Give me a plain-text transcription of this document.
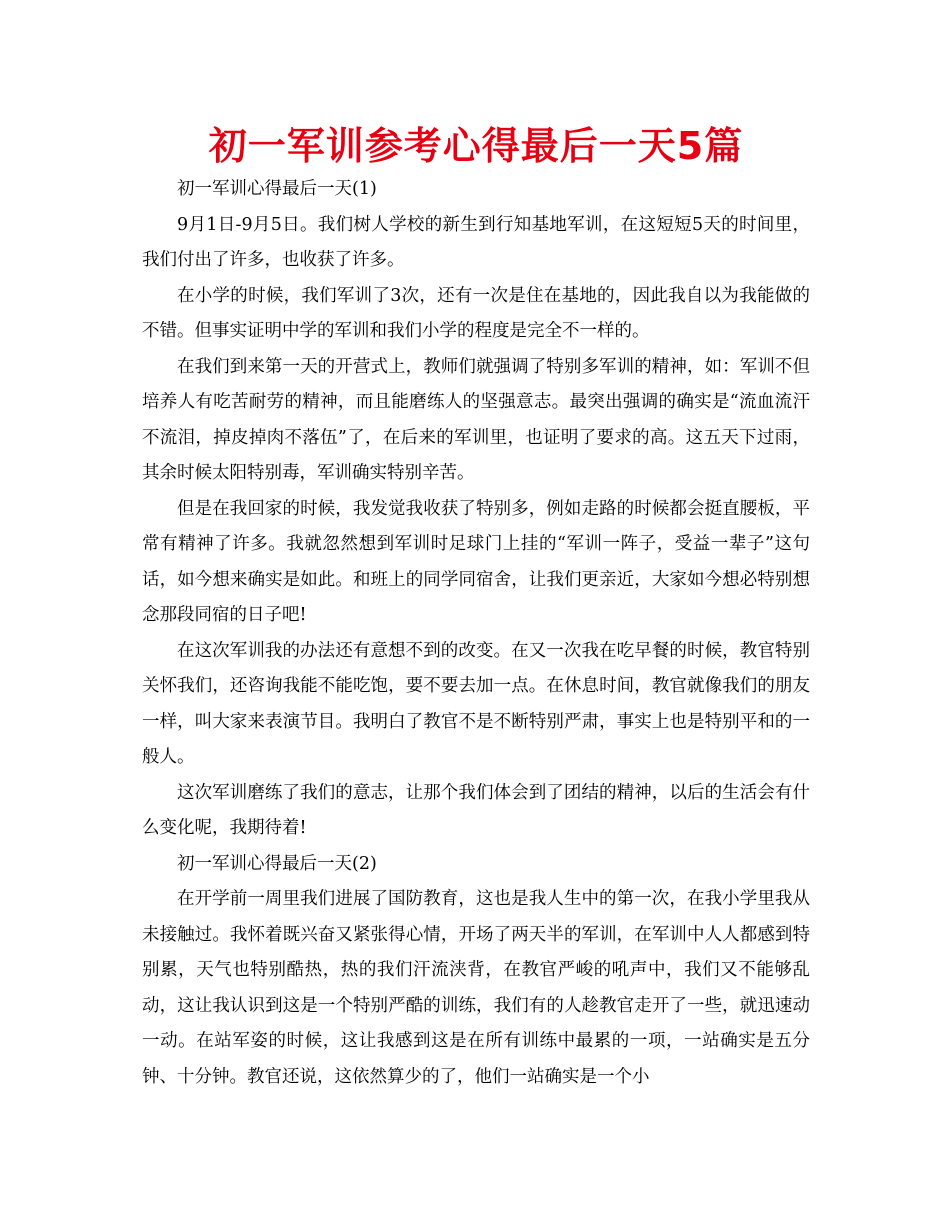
初一军训参考心得最后一天5篇

初一军训心得最后一天(1)

9月1日-9月5日。我们树人学校的新生到行知基地军训，在这短短5天的时间里，我们付出了许多，也收获了许多。

在小学的时候，我们军训了3次，还有一次是住在基地的，因此我自以为我能做的不错。但事实证明中学的军训和我们小学的程度是完全不一样的。

在我们到来第一天的开营式上，教师们就强调了特别多军训的精神，如：军训不但培养人有吃苦耐劳的精神，而且能磨练人的坚强意志。最突出强调的确实是“流血流汗不流泪，掉皮掉肉不落伍”了，在后来的军训里，也证明了要求的高。这五天下过雨，其余时候太阳特别毒，军训确实特别辛苦。

但是在我回家的时候，我发觉我收获了特别多，例如走路的时候都会挺直腰板，平常有精神了许多。我就忽然想到军训时足球门上挂的“军训一阵子，受益一辈子”这句话，如今想来确实是如此。和班上的同学同宿舍，让我们更亲近，大家如今想必特别想念那段同宿的日子吧!

在这次军训我的办法还有意想不到的改变。在又一次我在吃早餐的时候，教官特别关怀我们，还咨询我能不能吃饱，要不要去加一点。在休息时间，教官就像我们的朋友一样，叫大家来表演节目。我明白了教官不是不断特别严肃，事实上也是特别平和的一般人。

这次军训磨练了我们的意志，让那个我们体会到了团结的精神，以后的生活会有什么变化呢，我期待着!

初一军训心得最后一天(2)

在开学前一周里我们进展了国防教育，这也是我人生中的第一次，在我小学里我从未接触过。我怀着既兴奋又紧张得心情，开场了两天半的军训，在军训中人人都感到特别累，天气也特别酷热，热的我们汗流浃背，在教官严峻的吼声中，我们又不能够乱动，这让我认识到这是一个特别严酷的训练，我们有的人趁教官走开了一些，就迅速动一动。在站军姿的时候，这让我感到这是在所有训练中最累的一项，一站确实是五分钟、十分钟。教官还说，这依然算少的了，他们一站确实是一个小
